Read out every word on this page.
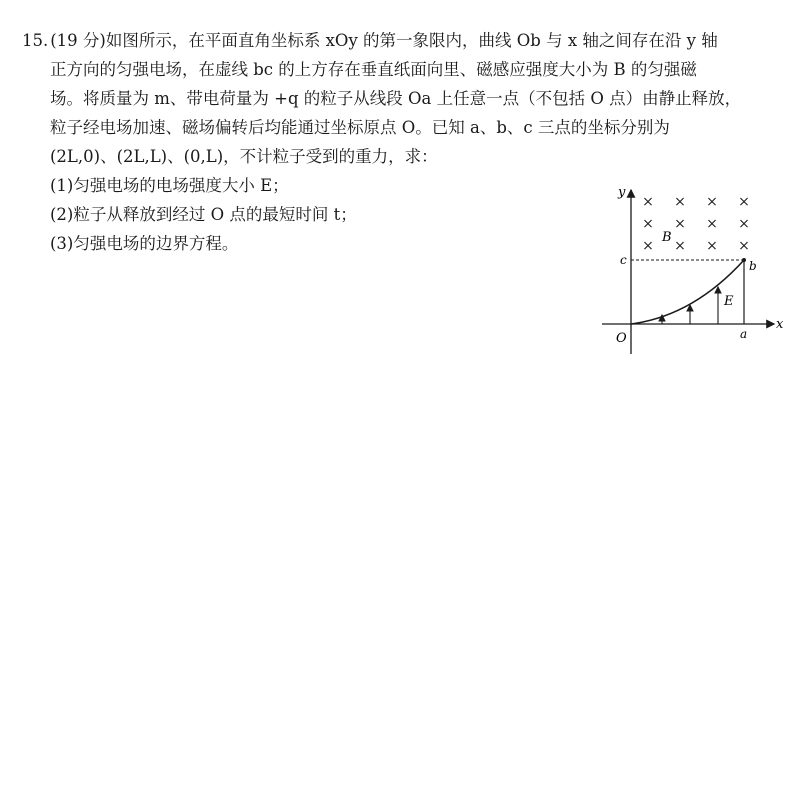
15. (19 分)如图所示，在平面直角坐标系 xOy 的第一象限内，曲线 Ob 与 x 轴之间存在沿 y 轴
正方向的匀强电场，在虚线 bc 的上方存在垂直纸面向里、磁感应强度大小为 B 的匀强磁
场。将质量为 m、带电荷量为 +q 的粒子从线段 Oa 上任意一点（不包括 O 点）由静止释放，
粒子经电场加速、磁场偏转后均能通过坐标原点 O。已知 a、b、c 三点的坐标分别为
(2L,0)、(2L,L)、(0,L)，不计粒子受到的重力，求：
(1)匀强电场的电场强度大小 E；
(2)粒子从释放到经过 O 点的最短时间 t；
(3)匀强电场的边界方程。
× × × ×
× × × ×
× × × ×
y
x
O	a
b
c
B
E
